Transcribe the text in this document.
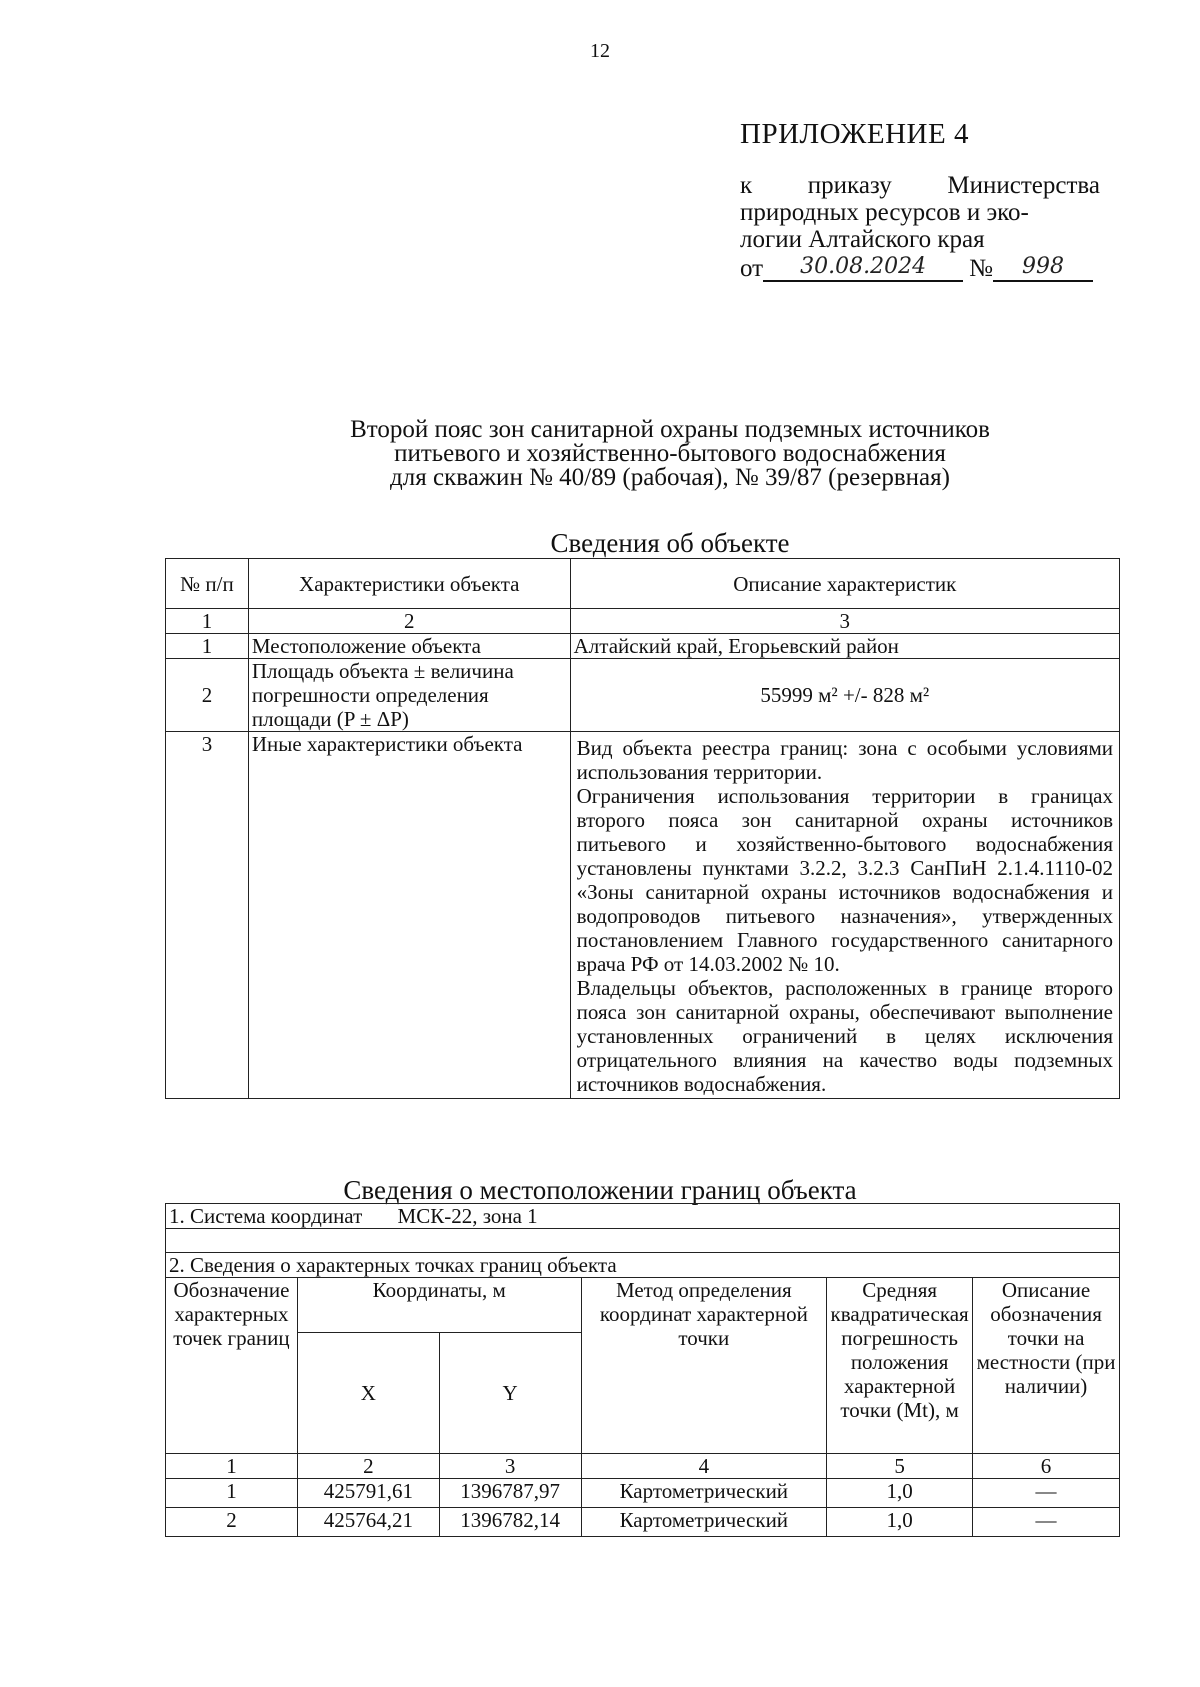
12
ПРИЛОЖЕНИЕ 4
к приказу Министерства
природных ресурсов и эко-
логии Алтайского края
от	30.08.2024	№	998
Второй пояс зон санитарной охраны подземных источников
питьевого и хозяйственно-бытового водоснабжения
для скважин № 40/89 (рабочая), № 39/87 (резервная)
Сведения об объекте
№ п/п	Характеристики объекта	Описание характеристик
1	2	3
1	Местоположение объекта	Алтайский край, Егорьевский район
2	Площадь объекта ± величина погрешности определения площади (P ± ΔP)	55999 м² +/- 828 м²
3	Иные характеристики объекта	Вид объекта реестра границ: зона с особыми условиями использования территории.
Ограничения использования территории в границах второго пояса зон санитарной охраны источников питьевого и хозяйственно-бытового водоснабжения установлены пунктами 3.2.2, 3.2.3 СанПиН 2.1.4.1110-02 «Зоны санитарной охраны источников водоснабжения и водопроводов питьевого назначения», утвержденных постановлением Главного государственного санитарного врача РФ от 14.03.2002 № 10.
Владельцы объектов, расположенных в границе второго пояса зон санитарной охраны, обеспечивают выполнение установленных ограничений в целях исключения отрицательного влияния на качество воды подземных источников водоснабжения.
Сведения о местоположении границ объекта
1. Система координат МСК-22, зона 1					

2. Сведения о характерных точках границ объекта					
Обозначение характерных точек границ	Координаты, м		Метод определения координат характерной точки	Средняя квадратическая погрешность положения характерной точки (Mt), м	Описание обозначения точки на местности (при наличии)
	X	Y			
1	2	3	4	5	6
1	425791,61	1396787,97	Картометрический	1,0	—
2	425764,21	1396782,14	Картометрический	1,0	—
